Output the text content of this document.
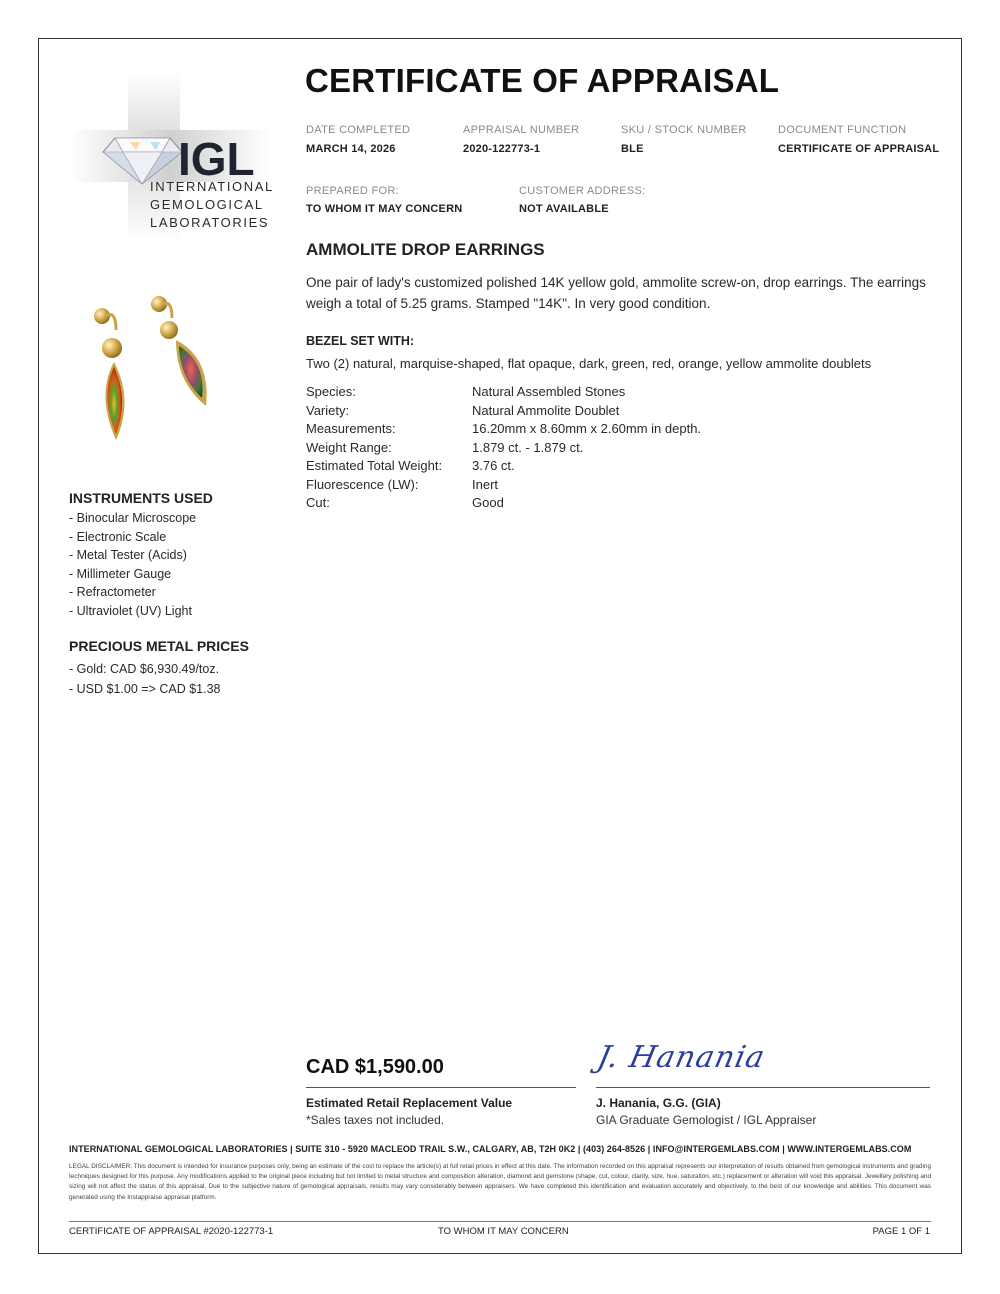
IGL
INTERNATIONAL
GEMOLOGICAL
LABORATORIES
CERTIFICATE OF APPRAISAL
DATE COMPLETED
MARCH 14, 2026
APPRAISAL NUMBER
2020-122773-1
SKU / STOCK NUMBER
BLE
DOCUMENT FUNCTION
CERTIFICATE OF APPRAISAL
PREPARED FOR:
TO WHOM IT MAY CONCERN
CUSTOMER ADDRESS:
NOT AVAILABLE
AMMOLITE DROP EARRINGS
One pair of lady's customized polished 14K yellow gold, ammolite screw-on, drop earrings. The earrings weigh a total of 5.25 grams. Stamped "14K". In very good condition.
BEZEL SET WITH:
Two (2) natural, marquise-shaped, flat opaque, dark, green, red, orange, yellow ammolite doublets
Species:	Natural Assembled Stones
Variety:	Natural Ammolite Doublet
Measurements:	16.20mm x 8.60mm x 2.60mm in depth.
Weight Range:	1.879 ct. - 1.879 ct.
Estimated Total Weight:	3.76 ct.
Fluorescence (LW):	Inert
Cut:	Good
INSTRUMENTS USED
- Binocular Microscope
- Electronic Scale
- Metal Tester (Acids)
- Millimeter Gauge
- Refractometer
- Ultraviolet (UV) Light
PRECIOUS METAL PRICES
- Gold: CAD $6,930.49/toz.
- USD $1.00 => CAD $1.38
CAD $1,590.00
Estimated Retail Replacement Value
*Sales taxes not included.
J. Hanania
J. Hanania, G.G. (GIA)
GIA Graduate Gemologist / IGL Appraiser
INTERNATIONAL GEMOLOGICAL LABORATORIES | SUITE 310 - 5920 MACLEOD TRAIL S.W., CALGARY, AB, T2H 0K2 | (403) 264-8526 | INFO@INTERGEMLABS.COM | WWW.INTERGEMLABS.COM
LEGAL DISCLAIMER: This document is intended for insurance purposes only, being an estimate of the cost to replace the article(s) at full retail prices in effect at this date. The information recorded on this appraisal represents our interpretation of results obtained from gemological instruments and grading techniques designed for this purpose. Any modifications applied to the original piece including but not limited to metal structure and composition alteration, diamond and gemstone (shape, cut, colour, clarity, size, hue, saturation, etc.) replacement or alteration will void this appraisal. Jewellery polishing and sizing will not affect the status of this appraisal. Due to the subjective nature of gemological appraisals, results may vary considerably between appraisers. We have completed this identification and evaluation accurately and objectively, to the best of our knowledge and abilities. This document was generated using the Instappraise appraisal platform.
CERTIFICATE OF APPRAISAL #2020-122773-1	TO WHOM IT MAY CONCERN	PAGE 1 OF 1
